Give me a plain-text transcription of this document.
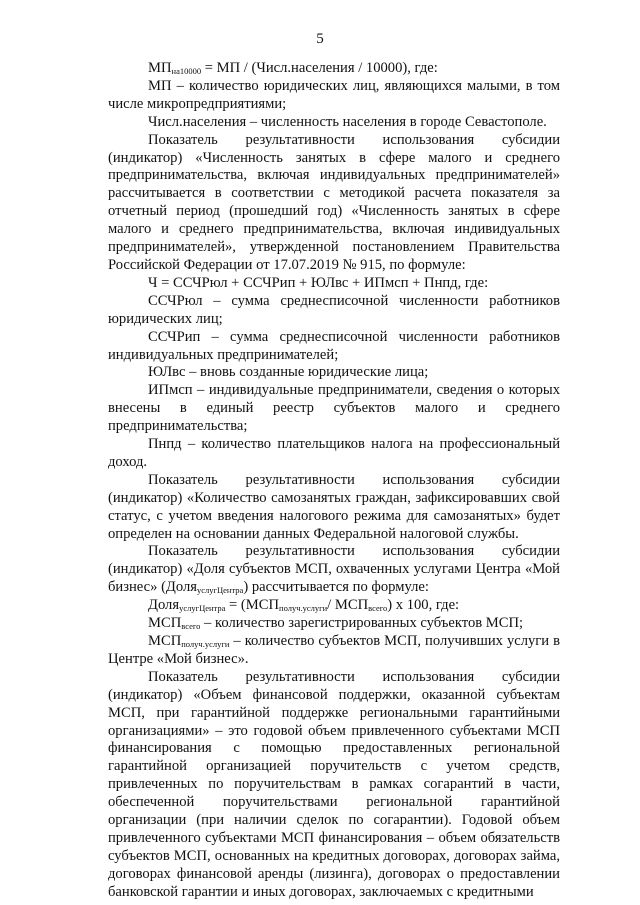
5

$МП_{на10000}$ = МП / (Числ.населения / 10000), где:

МП – количество юридических лиц, являющихся малыми, в том числе микропредприятиями;

Числ.населения – численность населения в городе Севастополе.

Показатель результативности использования субсидии (индикатор) «Численность занятых в сфере малого и среднего предпринимательства, включая индивидуальных предпринимателей» рассчитывается в соответствии с методикой расчета показателя за отчетный период (прошедший год) «Численность занятых в сфере малого и среднего предпринимательства, включая индивидуальных предпринимателей», утвержденной постановлением Правительства Российской Федерации от 17.07.2019 № 915, по формуле:

Ч = ССЧРюл + ССЧРип + ЮЛвс + ИПмсп + Пнпд, где:

ССЧРюл – сумма среднесписочной численности работников юридических лиц;

ССЧРип – сумма среднесписочной численности работников индивидуальных предпринимателей;

ЮЛвс – вновь созданные юридические лица;

ИПмсп – индивидуальные предприниматели, сведения о которых внесены в единый реестр субъектов малого и среднего предпринимательства;

Пнпд – количество плательщиков налога на профессиональный доход.

Показатель результативности использования субсидии (индикатор) «Количество самозанятых граждан, зафиксировавших свой статус, с учетом введения налогового режима для самозанятых» будет определен на основании данных Федеральной налоговой службы.

Показатель результативности использования субсидии (индикатор) «Доля субъектов МСП, охваченных услугами Центра «Мой бизнес» (Доля$_{услугЦентра}$) рассчитывается по формуле:

Доля$_{услугЦентра}$ = ($МСП_{получ.услуги}/$ $МСП_{всего}$) x 100, где:

$МСП_{всего}$ – количество зарегистрированных субъектов МСП;

$МСП_{получ.услуги}$ – количество субъектов МСП, получивших услуги в Центре «Мой бизнес».

Показатель результативности использования субсидии (индикатор) «Объем финансовой поддержки, оказанной субъектам МСП, при гарантийной поддержке региональными гарантийными организациями» – это годовой объем привлеченного субъектами МСП финансирования с помощью предоставленных региональной гарантийной организацией поручительств с учетом средств, привлеченных по поручительствам в рамках согарантий в части, обеспеченной поручительствами региональной гарантийной организации (при наличии сделок по согарантии). Годовой объем привлеченного субъектами МСП финансирования – объем обязательств субъектов МСП, основанных на кредитных договорах, договорах займа, договорах финансовой аренды (лизинга), договорах о предоставлении банковской гарантии и иных договорах, заключаемых с кредитными
